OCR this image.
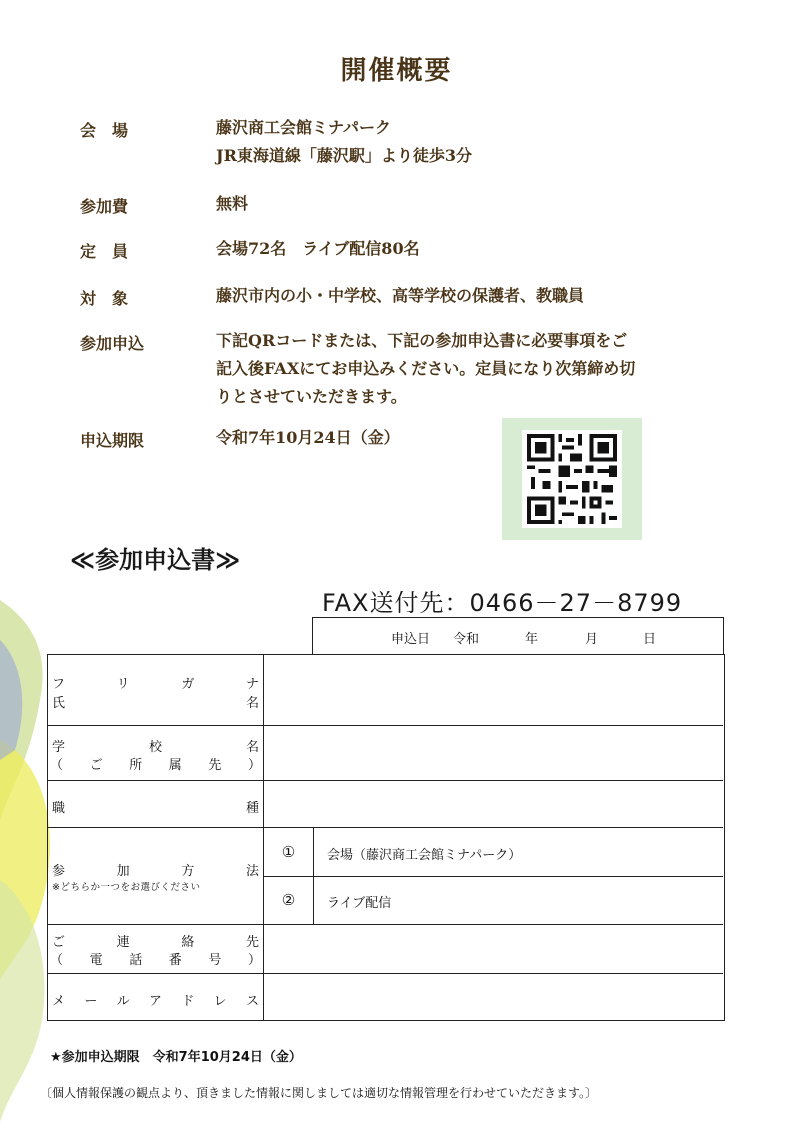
開催概要
会　場	藤沢商工会館ミナパーク
JR東海道線「藤沢駅」より徒歩3分
参加費	無料
定　員	会場72名　ライブ配信80名
対　象	藤沢市内の小・中学校、高等学校の保護者、教職員
参加申込	下記QRコードまたは、下記の参加申込書に必要事項をご
記入後FAXにてお申込みください。定員になり次第締め切
りとさせていただきます。
申込期限	令和7年10月24日（金）
≪参加申込書≫
FAX送付先：0466－27－8799
申込日 令和	年	月	日
フ	リ	ガ	ナ
氏	名
学	校	名
（ ご 所 属 先 ）
職	種
参	加	方	法
※どちらか一つをお選びください
①	会場（藤沢商工会館ミナパーク）
②	ライブ配信
ご	連	絡	先
（ 電 話 番 号 ）
メ ー ル ア ド レ ス
★参加申込期限　令和7年10月24日（金）
〔個人情報保護の観点より、頂きました情報に関しましては適切な情報管理を行わせていただきます。〕
